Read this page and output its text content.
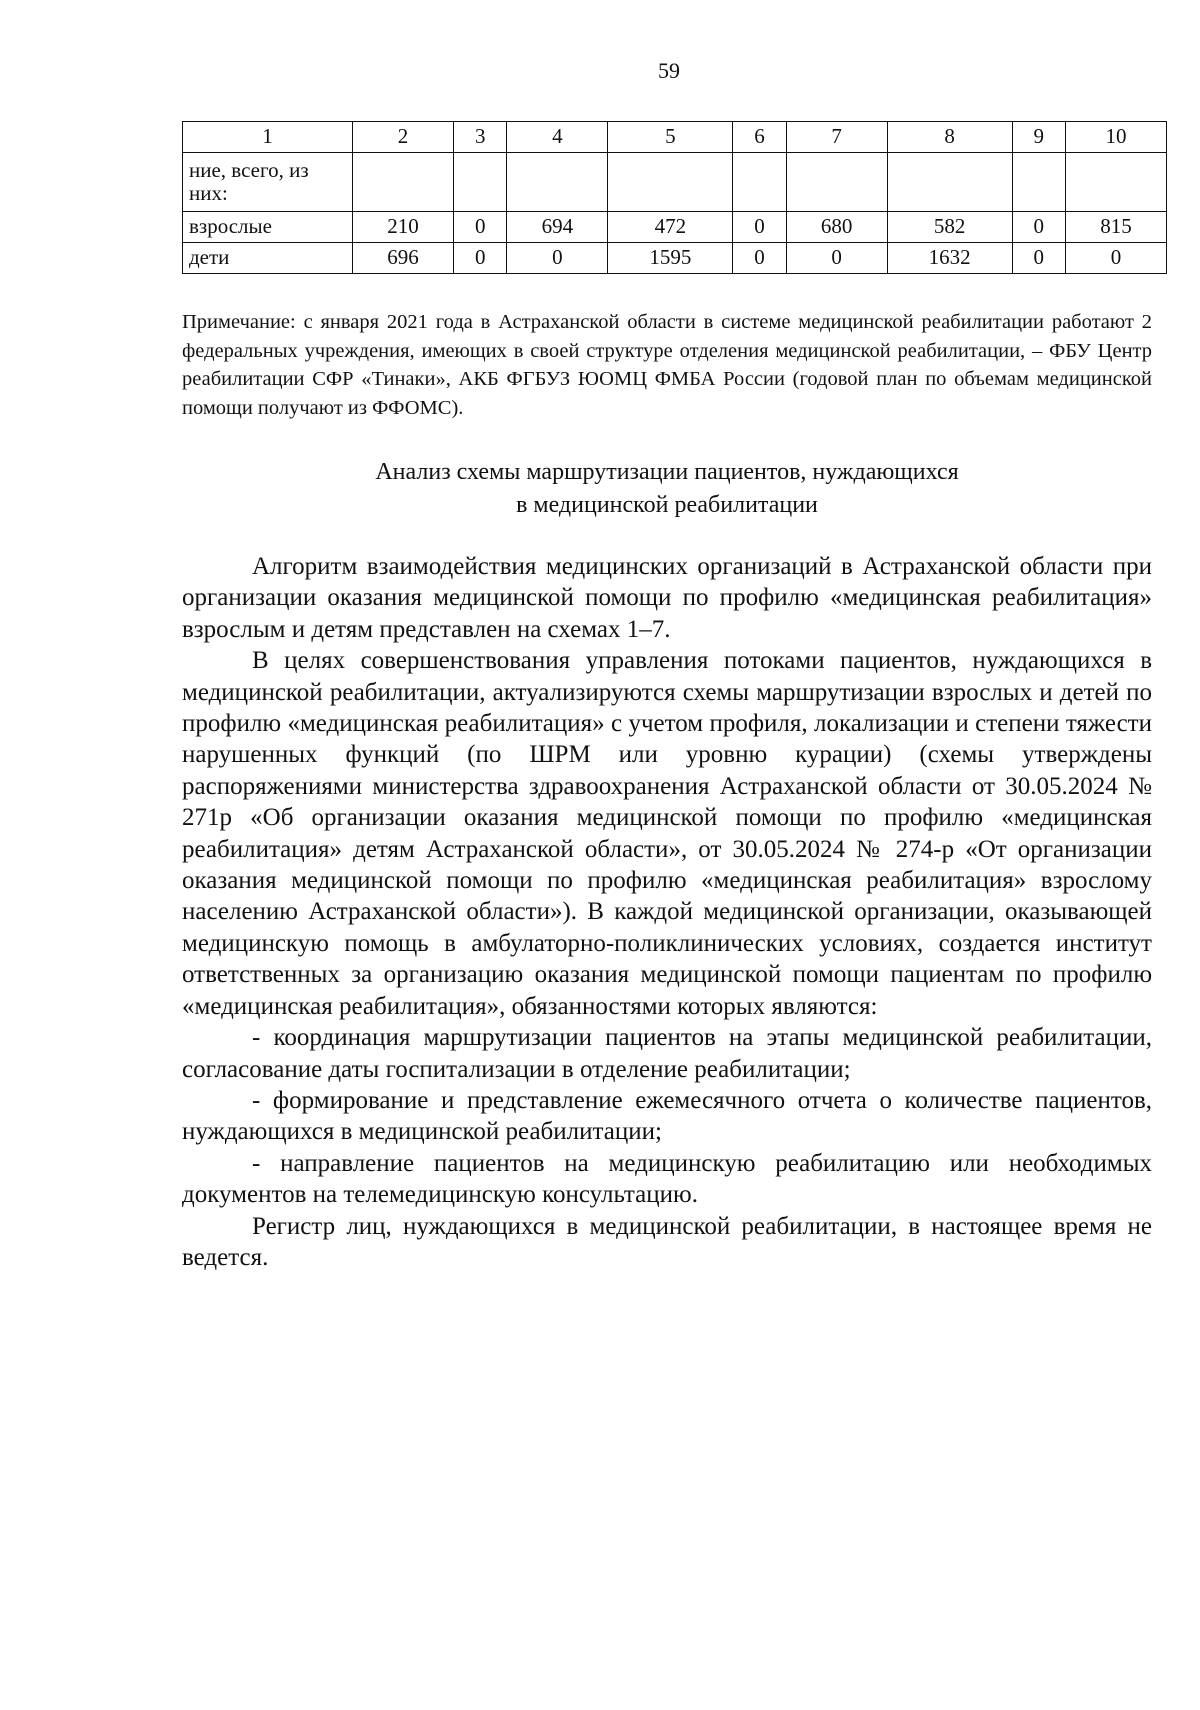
59
1	2	3	4	5	6	7	8	9	10
ние, всего, из них:									
взрослые	210	0	694	472	0	680	582	0	815
дети	696	0	0	1595	0	0	1632	0	0
Примечание: с января 2021 года в Астраханской области в системе медицинской реабилитации работают 2 федеральных учреждения, имеющих в своей структуре отделения медицинской реабилитации, – ФБУ Центр реабилитации СФР «Тинаки», АКБ ФГБУЗ ЮОМЦ ФМБА России (годовой план по объемам медицинской помощи получают из ФФОМС).
Анализ схемы маршрутизации пациентов, нуждающихся
в медицинской реабилитации

Алгоритм взаимодействия медицинских организаций в Астраханской области при организации оказания медицинской помощи по профилю «медицинская реабилитация» взрослым и детям представлен на схемах 1–7.

В целях совершенствования управления потоками пациентов, нуждающихся в медицинской реабилитации, актуализируются схемы маршрутизации взрослых и детей по профилю «медицинская реабилитация» с учетом профиля, локализации и степени тяжести нарушенных функций (по ШРМ или уровню курации) (схемы утверждены распоряжениями министерства здравоохранения Астраханской области от 30.05.2024 № 271р «Об организации оказания медицинской помощи по профилю «медицинская реабилитация» детям Астраханской области», от 30.05.2024 № 274-р «От организации оказания медицинской помощи по профилю «медицинская реабилитация» взрослому населению Астраханской области»). В каждой медицинской организации, оказывающей медицинскую помощь в амбулаторно-поликлинических условиях, создается институт ответственных за организацию оказания медицинской помощи пациентам по профилю «медицинская реабилитация», обязанностями которых являются:

- координация маршрутизации пациентов на этапы медицинской реабилитации, согласование даты госпитализации в отделение реабилитации;

- формирование и представление ежемесячного отчета о количестве пациентов, нуждающихся в медицинской реабилитации;

- направление пациентов на медицинскую реабилитацию или необходимых документов на телемедицинскую консультацию.

Регистр лиц, нуждающихся в медицинской реабилитации, в настоящее время не ведется.
